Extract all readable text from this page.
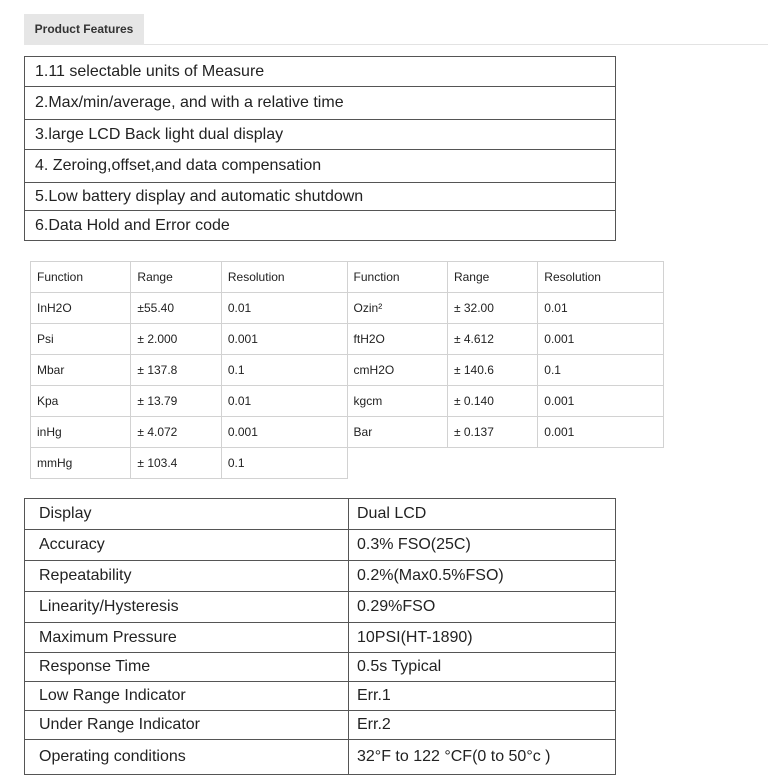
Product Features
1.11 selectable units of Measure
2.Max/min/average, and with a relative time
3.large LCD Back light dual display
4. Zeroing,offset,and data compensation
5.Low battery display and automatic shutdown
6.Data Hold and Error code
Function	Range	Resolution	Function	Range	Resolution
InH2O	±55.40	0.01	Ozin²	± 32.00	0.01
Psi	± 2.000	0.001	ftH2O	± 4.612	0.001
Mbar	± 137.8	0.1	cmH2O	± 140.6	0.1
Kpa	± 13.79	0.01	kgcm	± 0.140	0.001
inHg	± 4.072	0.001	Bar	± 0.137	0.001
mmHg	± 103.4	0.1			
Display	Dual LCD
Accuracy	0.3% FSO(25C)
Repeatability	0.2%(Max0.5%FSO)
Linearity/Hysteresis	0.29%FSO
Maximum Pressure	10PSI(HT-1890)
Response Time	0.5s Typical
Low Range Indicator	Err.1
Under Range Indicator	Err.2
Operating conditions	32°F to 122 °CF(0 to 50°c )
